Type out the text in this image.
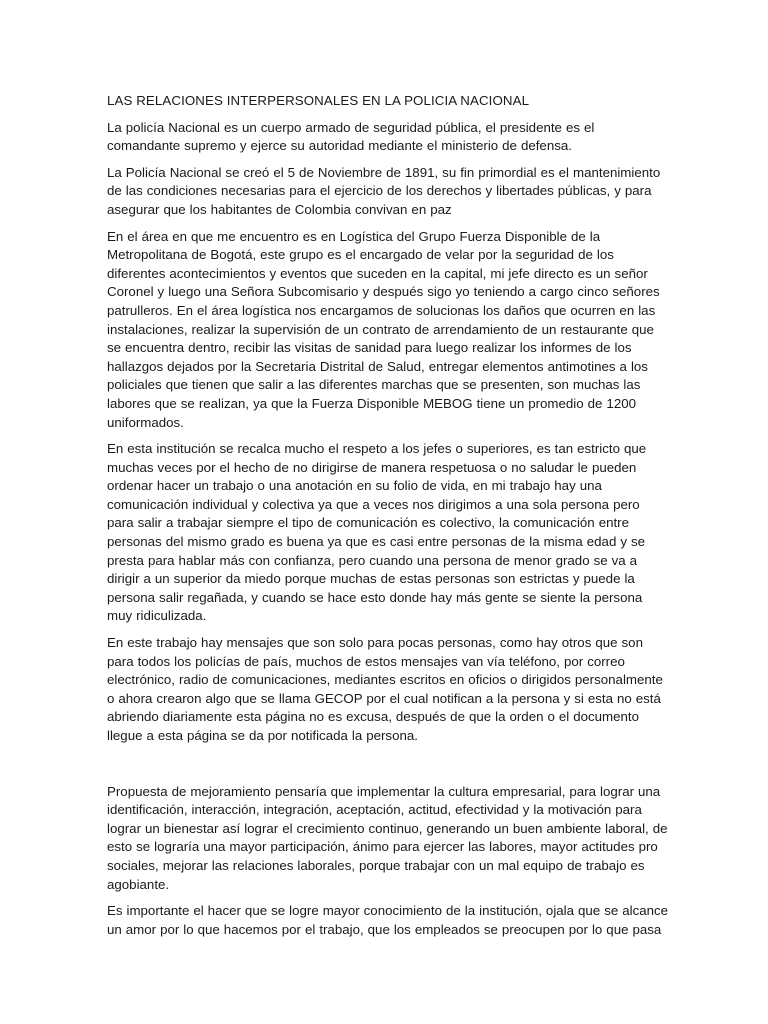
LAS RELACIONES INTERPERSONALES EN LA POLICIA NACIONAL

La policía Nacional es un cuerpo armado de seguridad pública, el presidente es el comandante supremo y ejerce su autoridad mediante el ministerio de defensa.

La Policía Nacional se creó el 5 de Noviembre de 1891, su fin primordial es el mantenimiento de las condiciones necesarias para el ejercicio de los derechos y libertades públicas, y para asegurar que los habitantes de Colombia convivan en paz

En el área en que me encuentro es en Logística del Grupo Fuerza Disponible de la Metropolitana de Bogotá, este grupo es el encargado de velar por la seguridad de los diferentes acontecimientos y eventos que suceden en la capital, mi jefe directo es un señor Coronel y luego una Señora Subcomisario y después sigo yo teniendo a cargo cinco señores patrulleros. En el área logística nos encargamos de solucionas los daños que ocurren en las instalaciones, realizar la supervisión de un contrato de arrendamiento de un restaurante que se encuentra dentro, recibir las visitas de sanidad para luego realizar los informes de los hallazgos dejados por la Secretaria Distrital de Salud, entregar elementos antimotines a los policiales que tienen que salir a las diferentes marchas que se presenten, son muchas las labores que se realizan, ya que la Fuerza Disponible MEBOG tiene un promedio de 1200 uniformados.

En esta institución se recalca mucho el respeto a los jefes o superiores, es tan estricto que muchas veces por el hecho de no dirigirse de manera respetuosa o no saludar le pueden ordenar hacer un trabajo o una anotación en su folio de vida, en mi trabajo hay una comunicación individual y colectiva ya que a veces nos dirigimos a una sola persona pero para salir a trabajar siempre el tipo de comunicación es colectivo, la comunicación entre personas del mismo grado es buena ya que es casi entre personas de la misma edad y se presta para hablar más con confianza, pero cuando una persona de menor grado se va a dirigir a un superior da miedo porque muchas de estas personas son estrictas y puede la persona salir regañada, y cuando se hace esto donde hay más gente se siente la persona muy ridiculizada.

En este trabajo hay mensajes que son solo para pocas personas, como hay otros que son para todos los policías de país, muchos de estos mensajes van vía teléfono, por correo electrónico, radio de comunicaciones, mediantes escritos en oficios o dirigidos personalmente o ahora crearon algo que se llama GECOP por el cual notifican a la persona y si esta no está abriendo diariamente esta página no es excusa, después de que la orden o el documento llegue a esta página se da por notificada la persona.

Propuesta de mejoramiento pensaría que implementar la cultura empresarial, para lograr una identificación, interacción, integración, aceptación, actitud, efectividad y la motivación para lograr un bienestar así lograr el crecimiento continuo, generando un buen ambiente laboral, de esto se lograría una mayor participación, ánimo para ejercer las labores, mayor actitudes pro sociales, mejorar las relaciones laborales, porque trabajar con un mal equipo de trabajo es agobiante.

Es importante el hacer que se logre mayor conocimiento de la institución, ojala que se alcance un amor por lo que hacemos por el trabajo, que los empleados se preocupen por lo que pasa
